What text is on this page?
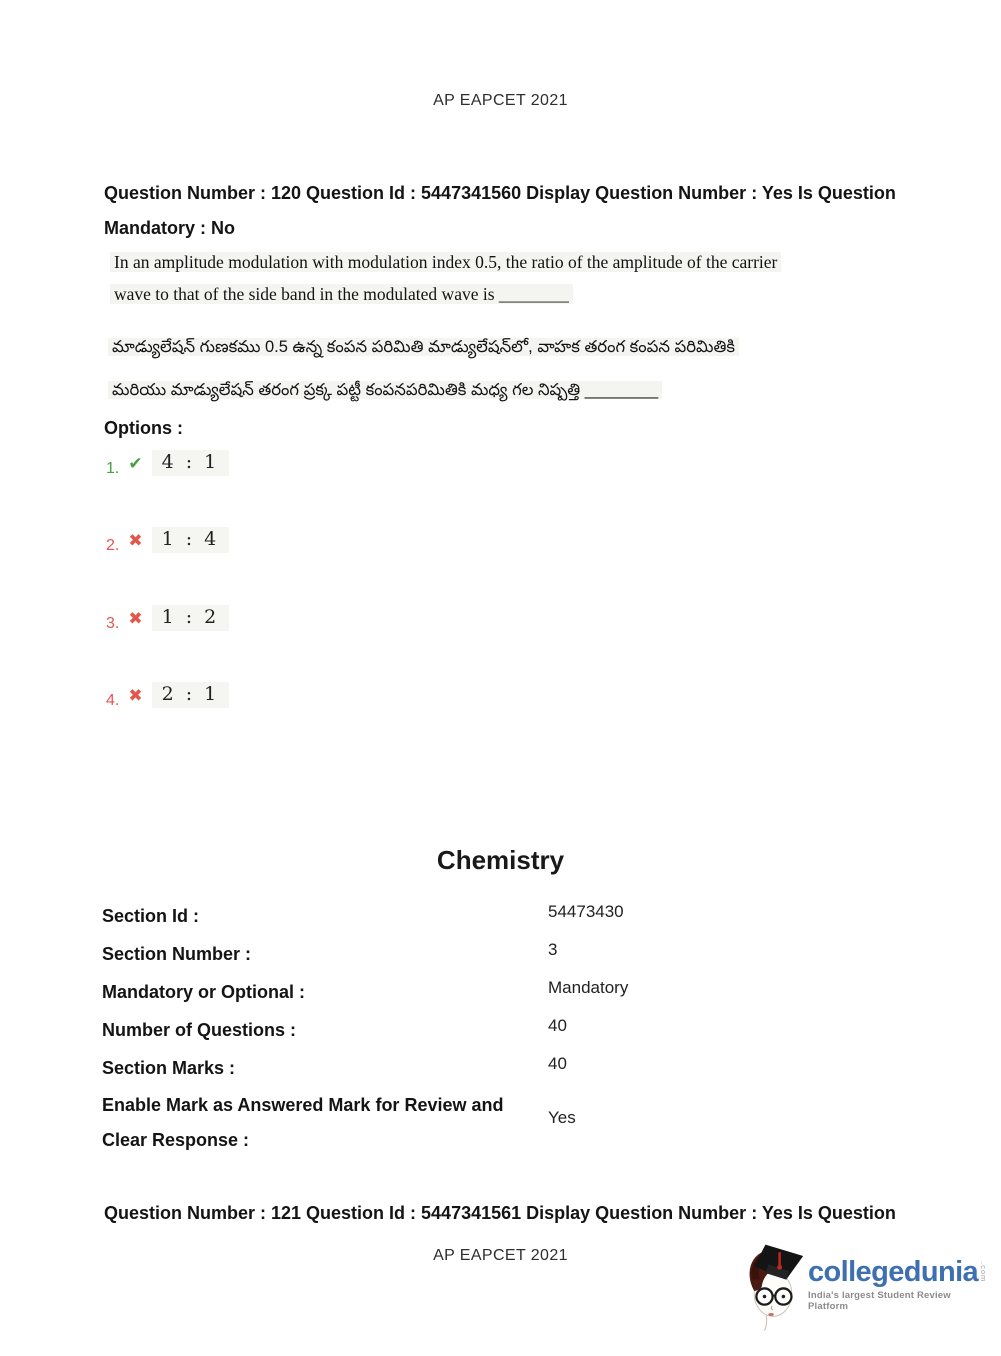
AP EAPCET 2021
Question Number : 120 Question Id : 5447341560 Display Question Number : Yes Is Question
Mandatory : No
In an amplitude modulation with modulation index 0.5, the ratio of the amplitude of the carrier
wave to that of the side band in the modulated wave is ________
మాడ్యులేషన్ గుణకము 0.5 ఉన్న కంపన పరిమితి మాడ్యులేషన్‌లో, వాహక తరంగ కంపన పరిమితికి
మరియు మాడ్యులేషన్ తరంగ ప్రక్క పట్టీ కంపనపరిమితికి మధ్య గల నిష్పత్తి ________
Options :
1. ✔	4 : 1
2. ✖	1 : 4
3. ✖	1 : 2
4. ✖	2 : 1
Chemistry
Section Id :	54473430
Section Number :	3
Mandatory or Optional :	Mandatory
Number of Questions :	40
Section Marks :	40
Enable Mark as Answered Mark for Review and Clear Response :
Yes
Question Number : 121 Question Id : 5447341561 Display Question Number : Yes Is Question
AP EAPCET 2021
collegedunia .com
India's largest Student Review Platform
